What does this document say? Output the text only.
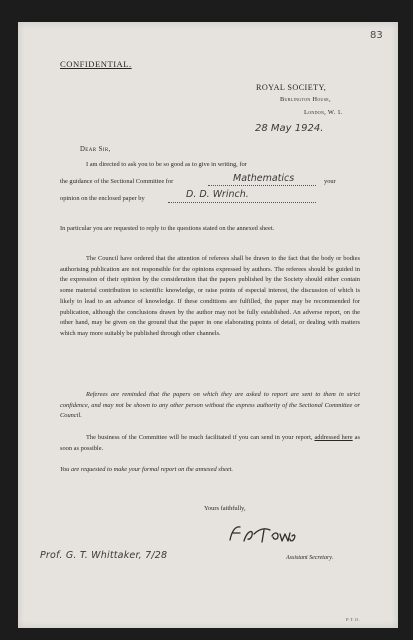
83
CONFIDENTIAL.
ROYAL SOCIETY,
Burlington House,
London, W. 1.
28 May 1924.
Dear Sir,
I am directed to ask you to be so good as to give in writing, for
the guidance of the Sectional Committee for	Mathematics	your
opinion on the enclosed paper by	D. D. Wrinch.
In particular you are requested to reply to the questions stated on the annexed sheet.
The Council have ordered that the attention of referees shall be drawn to the fact that the body or bodies authorising publication are not responsible for the opinions expressed by authors. The referees should be guided in the expression of their opinion by the consideration that the papers published by the Society should either contain some material contribution to scientific knowledge, or raise points of especial interest, the discussion of which is likely to lead to an advance of knowledge. If these conditions are fulfilled, the paper may be recommended for publication, although the conclusions drawn by the author may not be fully established. An adverse report, on the other hand, may be given on the ground that the paper in one elaborating points of detail, or dealing with matters which may more suitably be published through other channels.
Referees are reminded that the papers on which they are asked to report are sent to them in strict confidence, and may not be shown to any other person without the express authority of the Sectional Committee or Council.
The business of the Committee will be much facilitated if you can send in your report, addressed here as soon as possible.
You are requested to make your formal report on the annexed sheet.
Yours faithfully,
Assistant Secretary.
Prof. G. T. Whittaker, 7/28
P.T.O.
